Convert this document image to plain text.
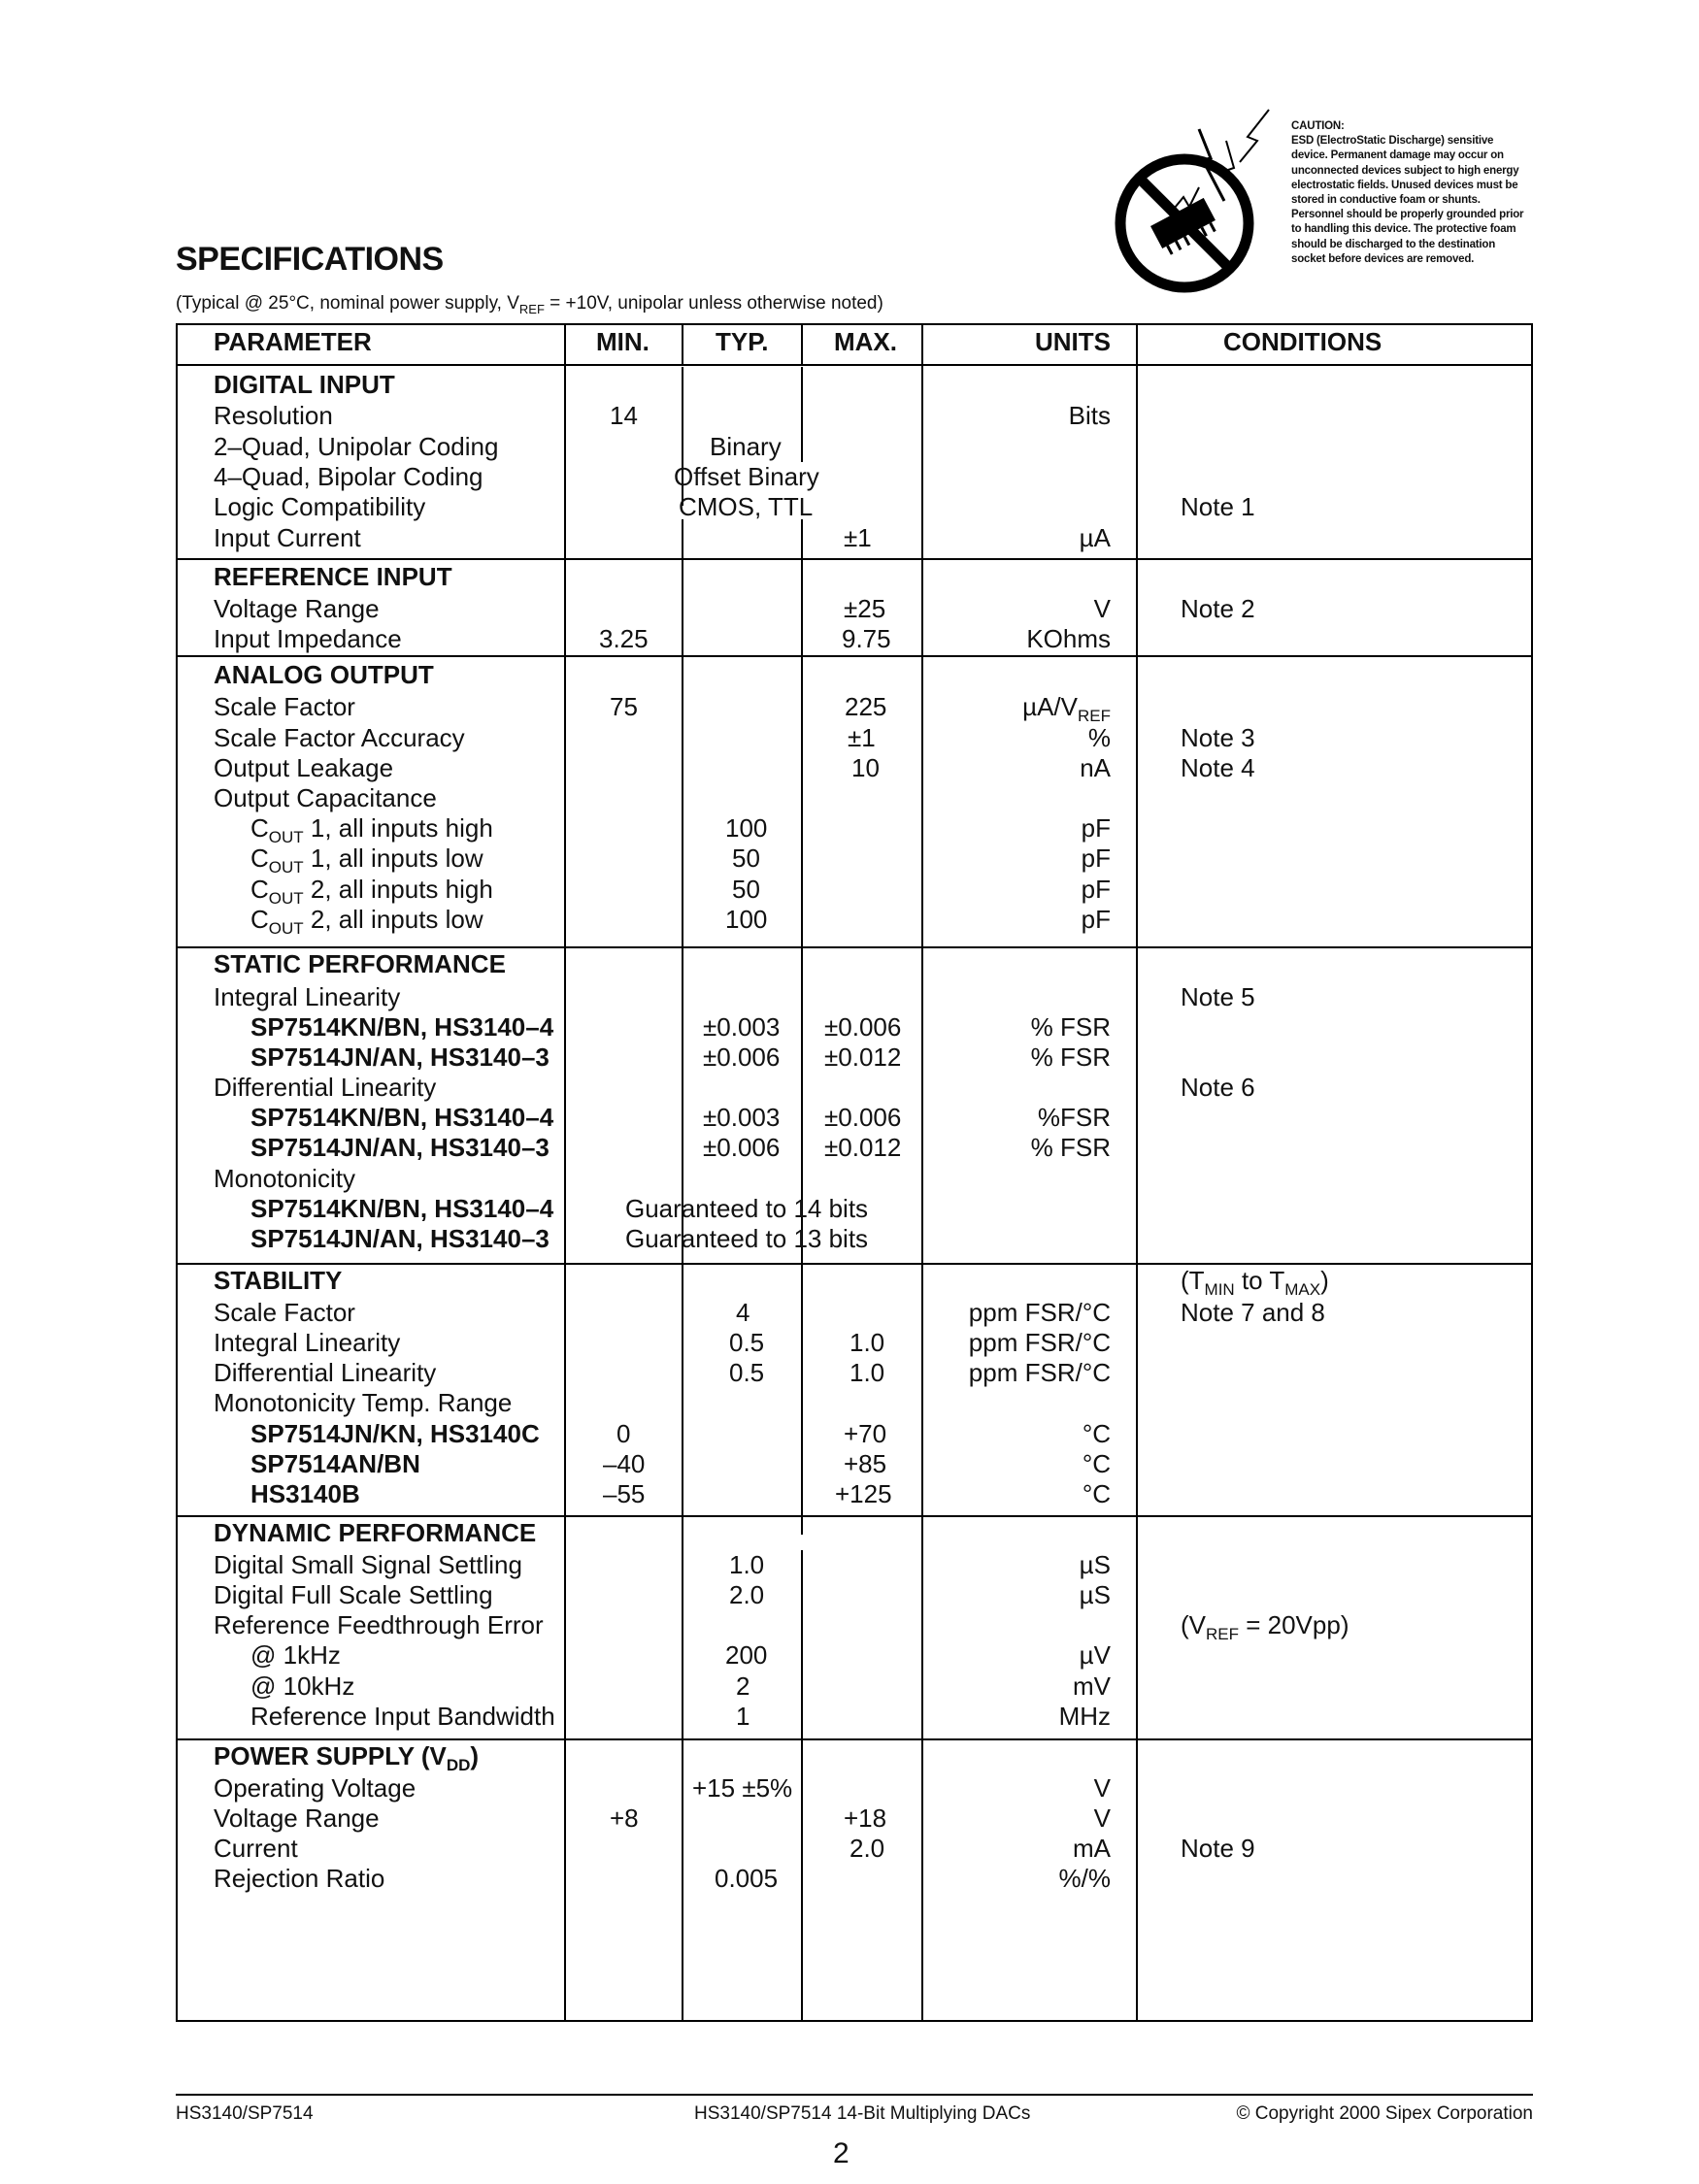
CAUTION:
ESD (ElectroStatic Discharge) sensitive
device. Permanent damage may occur on
unconnected devices subject to high energy
electrostatic fields. Unused devices must be
stored in conductive foam or shunts.
Personnel should be properly grounded prior
to handling this device. The protective foam
should be discharged to the destination
socket before devices are removed.
SPECIFICATIONS
(Typical @ 25°C, nominal power supply, $V_{REF} = +10V$, unipolar unless otherwise noted)
PARAMETER	MIN.	TYP.	MAX.	UNITS	CONDITIONS
DIGITAL INPUT
Resolution	14	Bits
2–Quad, Unipolar Coding	Binary
4–Quad, Bipolar Coding	Offset Binary
Logic Compatibility	CMOS, TTL	Note 1
Input Current	±1	µA
REFERENCE INPUT
Voltage Range	±25	V	Note 2
Input Impedance	3.25	9.75	KOhms
ANALOG OUTPUT
Scale Factor	75	225	$\mu A/V_{REF}$
Scale Factor Accuracy	±1	%	Note 3
Output Leakage	10	nA	Note 4
Output Capacitance
$C_{OUT}$ 1, all inputs high	100	pF
$C_{OUT}$ 1, all inputs low	50	pF
$C_{OUT}$ 2, all inputs high	50	pF
$C_{OUT}$ 2, all inputs low	100	pF
STATIC PERFORMANCE
Integral Linearity	Note 5
SP7514KN/BN, HS3140–4	±0.003 ±0.006	% FSR
SP7514JN/AN, HS3140–3	±0.006 ±0.012	% FSR
Differential Linearity	Note 6
SP7514KN/BN, HS3140–4	±0.003 ±0.006	%FSR
SP7514JN/AN, HS3140–3	±0.006 ±0.012	% FSR
Monotonicity
SP7514KN/BN, HS3140–4	Guaranteed to 14 bits
SP7514JN/AN, HS3140–3	Guaranteed to 13 bits
STABILITY	($T_{MIN}$ to $T_{MAX}$)
Scale Factor	4	ppm FSR/°C	Note 7 and 8
Integral Linearity	0.5	1.0	ppm FSR/°C
Differential Linearity	0.5	1.0	ppm FSR/°C
Monotonicity Temp. Range
SP7514JN/KN, HS3140C	0	+70	°C
SP7514AN/BN	–40	+85	°C
HS3140B	–55	+125	°C
DYNAMIC PERFORMANCE
Digital Small Signal Settling	1.0	µS
Digital Full Scale Settling	2.0	µS
Reference Feedthrough Error	$(V_{REF} = 20Vpp)$
@ 1kHz	200	µV
@ 10kHz	2	mV
Reference Input Bandwidth	1	MHz
POWER SUPPLY $(V_{DD})$
Operating Voltage	+15 ±5%	V
Voltage Range	+8	+18	V
Current	2.0	mA	Note 9
Rejection Ratio	0.005	%/%
HS3140/SP7514	HS3140/SP7514 14-Bit Multiplying DACs	© Copyright 2000 Sipex Corporation
2
